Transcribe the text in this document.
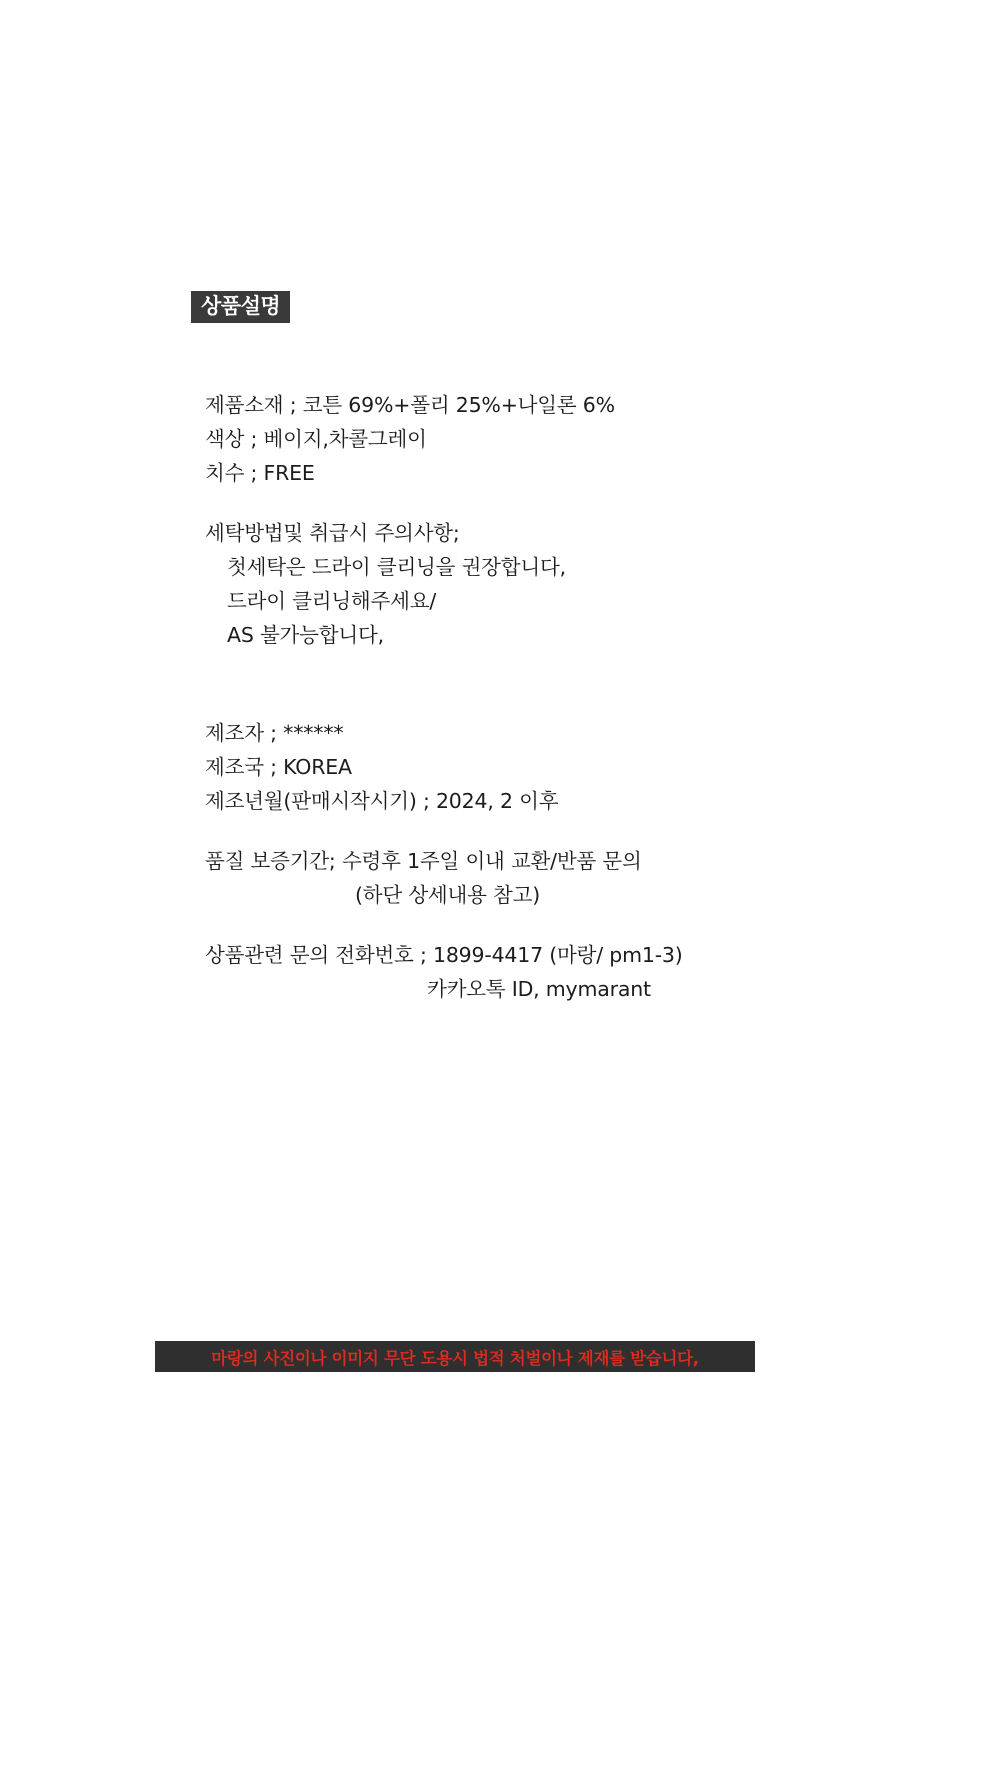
상품설명
제품소재 ; 코튼 69%+폴리 25%+나일론 6%
색상 ; 베이지,차콜그레이
치수 ; FREE
세탁방법및 취급시 주의사항;
첫세탁은 드라이 클리닝을 권장합니다,
드라이 클리닝해주세요/
AS 불가능합니다,
제조자 ; ******
제조국 ; KOREA
제조년월(판매시작시기) ; 2024, 2 이후
품질 보증기간; 수령후 1주일 이내 교환/반품 문의
(하단 상세내용 참고)
상품관련 문의 전화번호 ; 1899-4417 (마랑/ pm1-3)
카카오톡 ID, mymarant
마랑의 사진이나 이미지 무단 도용시 법적 처벌이나 제재를 받습니다,
